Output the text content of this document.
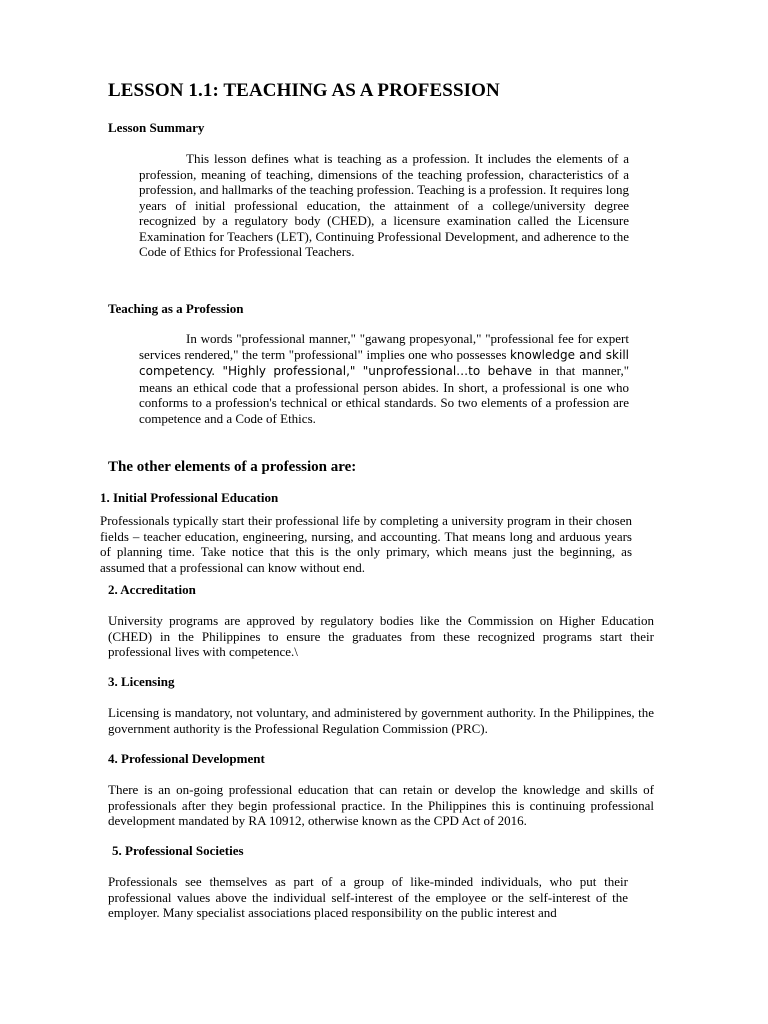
LESSON 1.1: TEACHING AS A PROFESSION
Lesson Summary

This lesson defines what is teaching as a profession. It includes the elements of a profession, meaning of teaching, dimensions of the teaching profession, characteristics of a profession, and hallmarks of the teaching profession. Teaching is a profession. It requires long years of initial professional education, the attainment of a college/university degree recognized by a regulatory body (CHED), a licensure examination called the Licensure Examination for Teachers (LET), Continuing Professional Development, and adherence to the Code of Ethics for Professional Teachers.

Teaching as a Profession

In words "professional manner," "gawang propesyonal," "professional fee for expert services rendered," the term "professional" implies one who possesses knowledge and skill competency. "Highly professional," "unprofessional…to behave in that manner," means an ethical code that a professional person abides. In short, a professional is one who conforms to a profession's technical or ethical standards. So two elements of a profession are competence and a Code of Ethics.

The other elements of a profession are:
1. Initial Professional Education

Professionals typically start their professional life by completing a university program in their chosen fields – teacher education, engineering, nursing, and accounting. That means long and arduous years of planning time. Take notice that this is the only primary, which means just the beginning, as assumed that a professional can know without end.

2. Accreditation

University programs are approved by regulatory bodies like the Commission on Higher Education (CHED) in the Philippines to ensure the graduates from these recognized programs start their professional lives with competence.\

3. Licensing

Licensing is mandatory, not voluntary, and administered by government authority. In the Philippines, the government authority is the Professional Regulation Commission (PRC).

4. Professional Development

There is an on-going professional education that can retain or develop the knowledge and skills of professionals after they begin professional practice. In the Philippines this is continuing professional development mandated by RA 10912, otherwise known as the CPD Act of 2016.

5. Professional Societies

Professionals see themselves as part of a group of like-minded individuals, who put their professional values above the individual self-interest of the employee or the self-interest of the employer. Many specialist associations placed responsibility on the public interest and
